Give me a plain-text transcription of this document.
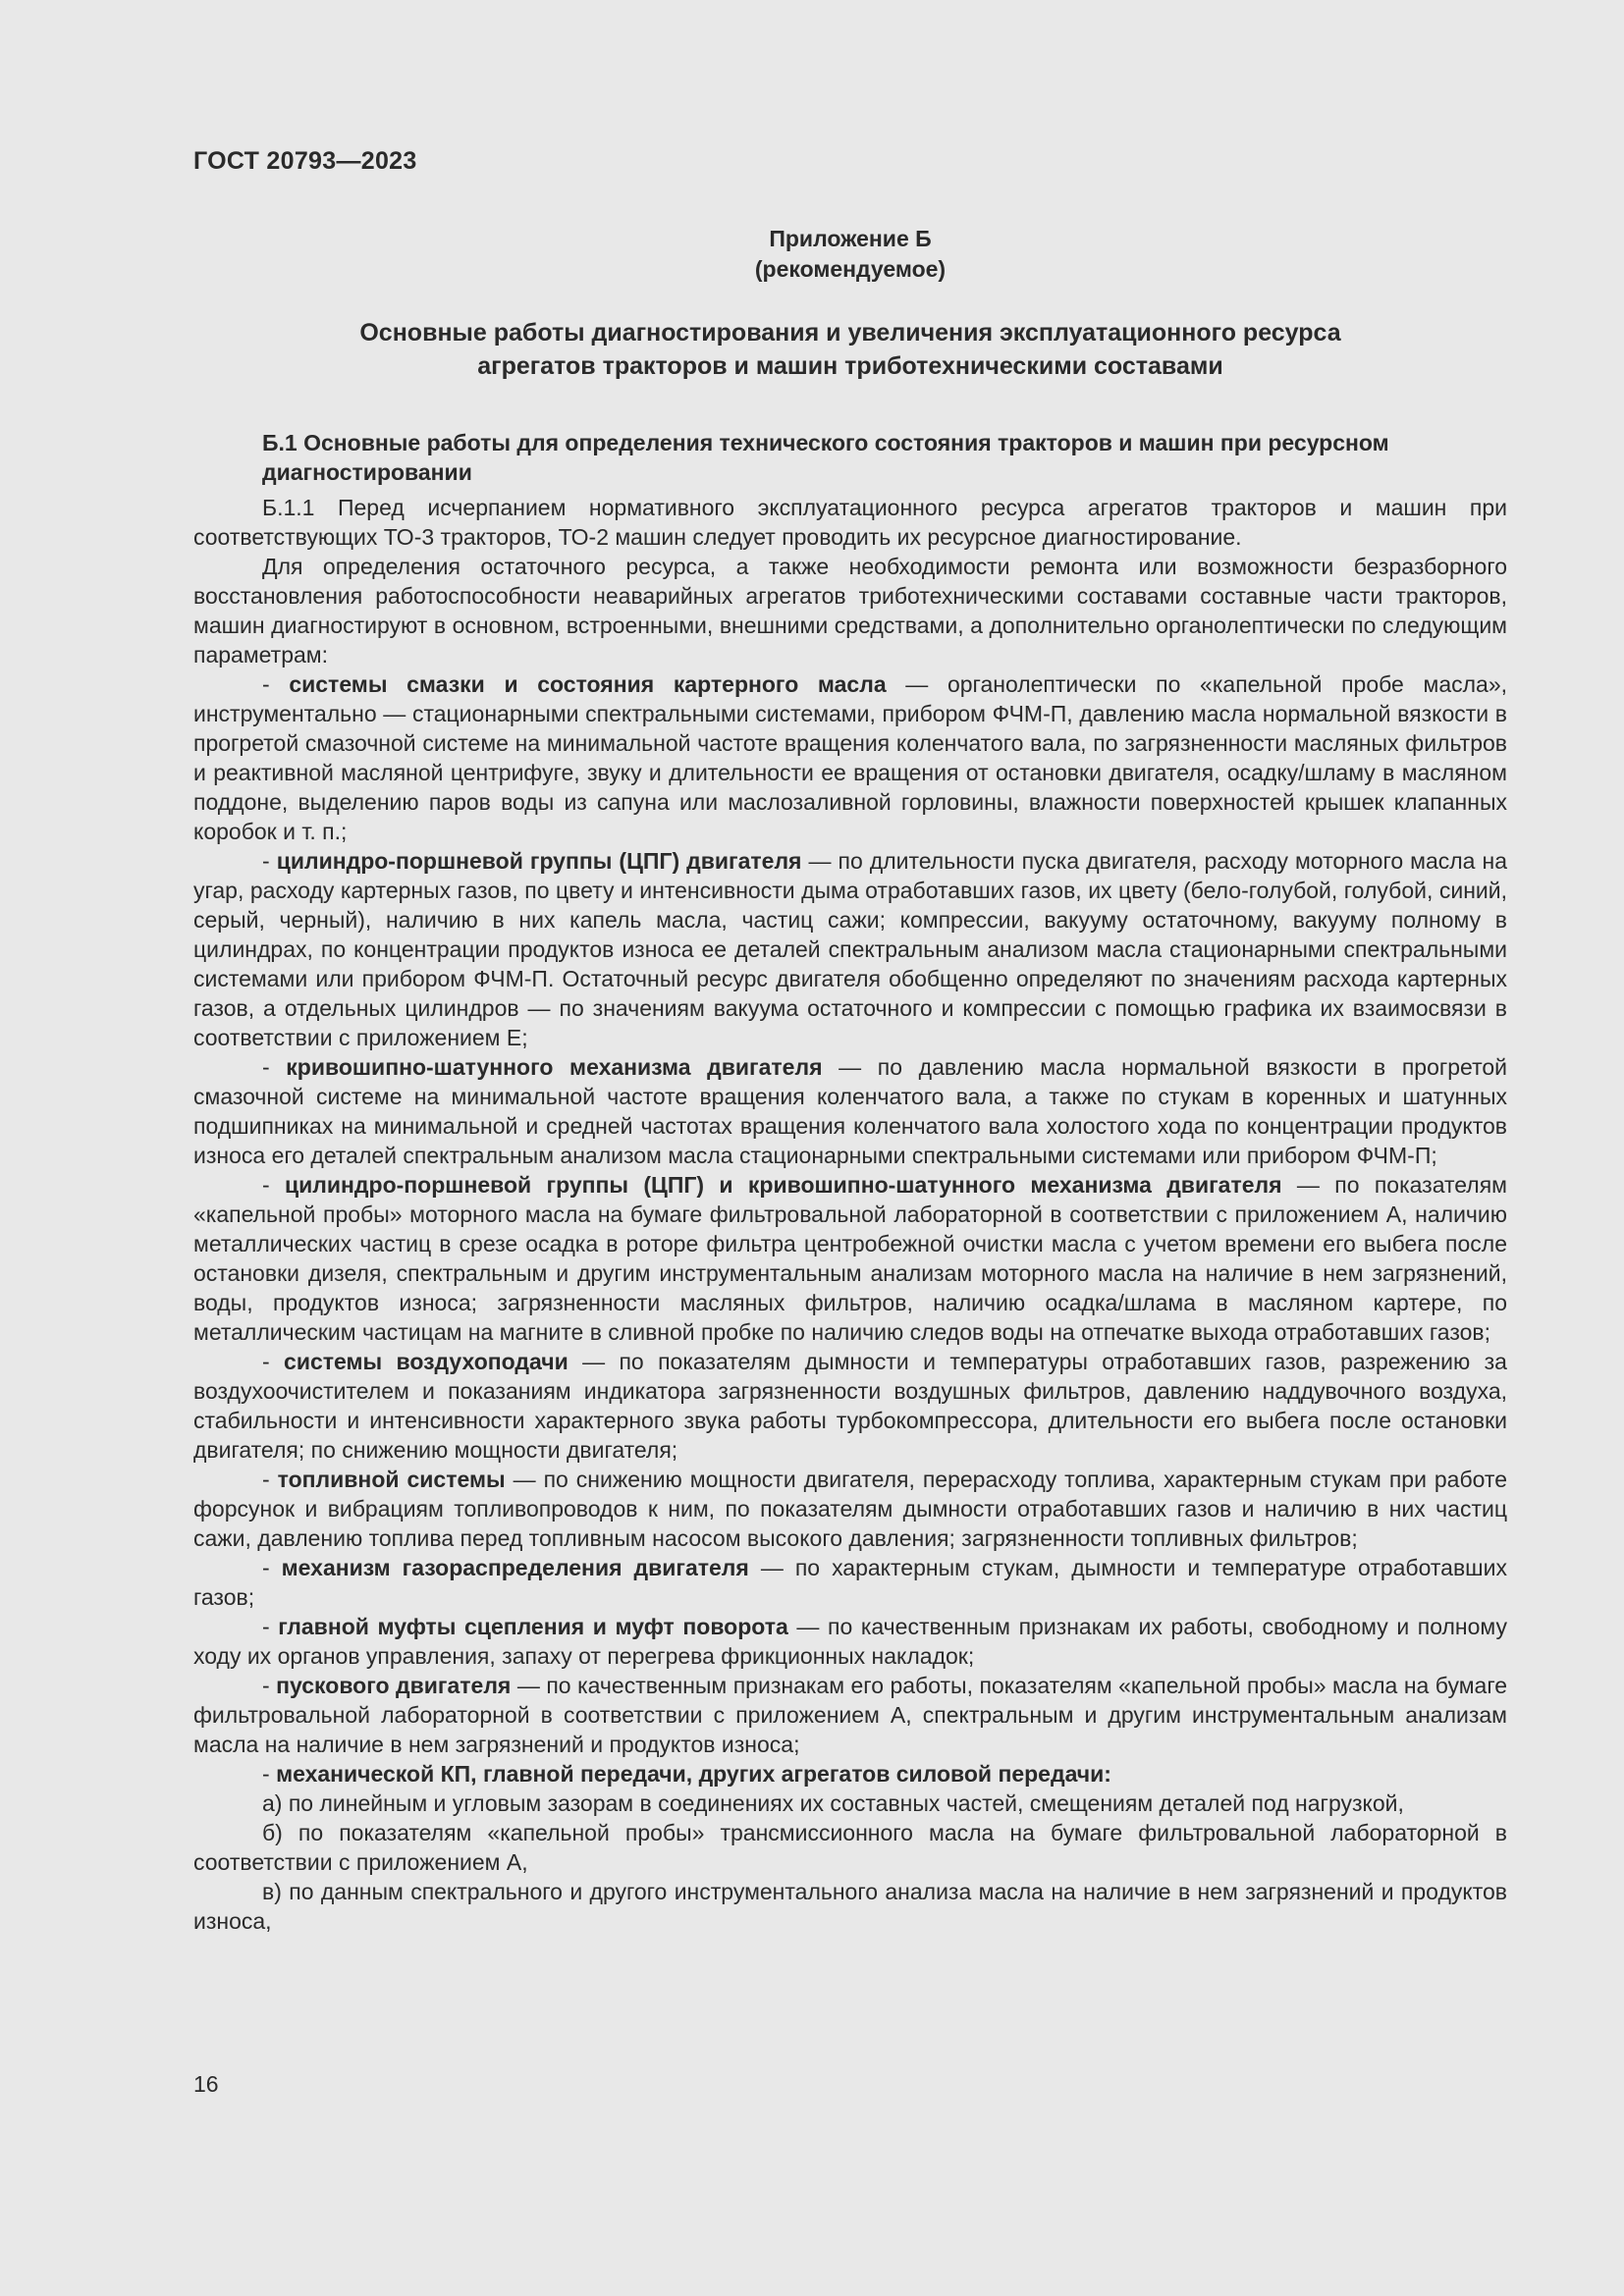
ГОСТ 20793—2023
Приложение Б
(рекомендуемое)
Основные работы диагностирования и увеличения эксплуатационного ресурса
агрегатов тракторов и машин триботехническими составами
Б.1 Основные работы для определения технического состояния тракторов и машин при ресурсном диагностировании

Б.1.1 Перед исчерпанием нормативного эксплуатационного ресурса агрегатов тракторов и машин при соответствующих ТО-3 тракторов, ТО-2 машин следует проводить их ресурсное диагностирование.

Для определения остаточного ресурса, а также необходимости ремонта или возможности безразборного восстановления работоспособности неаварийных агрегатов триботехническими составами составные части тракторов, машин диагностируют в основном, встроенными, внешними средствами, а дополнительно органолептически по следующим параметрам:

- системы смазки и состояния картерного масла — органолептически по «капельной пробе масла», инструментально — стационарными спектральными системами, прибором ФЧМ-П, давлению масла нормальной вязкости в прогретой смазочной системе на минимальной частоте вращения коленчатого вала, по загрязненности масляных фильтров и реактивной масляной центрифуге, звуку и длительности ее вращения от остановки двигателя, осадку/шламу в масляном поддоне, выделению паров воды из сапуна или маслозаливной горловины, влажности поверхностей крышек клапанных коробок и т. п.;

- цилиндро-поршневой группы (ЦПГ) двигателя — по длительности пуска двигателя, расходу моторного масла на угар, расходу картерных газов, по цвету и интенсивности дыма отработавших газов, их цвету (бело-голубой, голубой, синий, серый, черный), наличию в них капель масла, частиц сажи; компрессии, вакууму остаточному, вакууму полному в цилиндрах, по концентрации продуктов износа ее деталей спектральным анализом масла стационарными спектральными системами или прибором ФЧМ-П. Остаточный ресурс двигателя обобщенно определяют по значениям расхода картерных газов, а отдельных цилиндров — по значениям вакуума остаточного и компрессии с помощью графика их взаимосвязи в соответствии с приложением Е;

- кривошипно-шатунного механизма двигателя — по давлению масла нормальной вязкости в прогретой смазочной системе на минимальной частоте вращения коленчатого вала, а также по стукам в коренных и шатунных подшипниках на минимальной и средней частотах вращения коленчатого вала холостого хода по концентрации продуктов износа его деталей спектральным анализом масла стационарными спектральными системами или прибором ФЧМ-П;

- цилиндро-поршневой группы (ЦПГ) и кривошипно-шатунного механизма двигателя — по показателям «капельной пробы» моторного масла на бумаге фильтровальной лабораторной в соответствии с приложением А, наличию металлических частиц в срезе осадка в роторе фильтра центробежной очистки масла с учетом времени его выбега после остановки дизеля, спектральным и другим инструментальным анализам моторного масла на наличие в нем загрязнений, воды, продуктов износа; загрязненности масляных фильтров, наличию осадка/шлама в масляном картере, по металлическим частицам на магните в сливной пробке по наличию следов воды на отпечатке выхода отработавших газов;

- системы воздухоподачи — по показателям дымности и температуры отработавших газов, разрежению за воздухоочистителем и показаниям индикатора загрязненности воздушных фильтров, давлению наддувочного воздуха, стабильности и интенсивности характерного звука работы турбокомпрессора, длительности его выбега после остановки двигателя; по снижению мощности двигателя;

- топливной системы — по снижению мощности двигателя, перерасходу топлива, характерным стукам при работе форсунок и вибрациям топливопроводов к ним, по показателям дымности отработавших газов и наличию в них частиц сажи, давлению топлива перед топливным насосом высокого давления; загрязненности топливных фильтров;

- механизм газораспределения двигателя — по характерным стукам, дымности и температуре отработавших газов;

- главной муфты сцепления и муфт поворота — по качественным признакам их работы, свободному и полному ходу их органов управления, запаху от перегрева фрикционных накладок;

- пускового двигателя — по качественным признакам его работы, показателям «капельной пробы» масла на бумаге фильтровальной лабораторной в соответствии с приложением А, спектральным и другим инструментальным анализам масла на наличие в нем загрязнений и продуктов износа;

- механической КП, главной передачи, других агрегатов силовой передачи:

а) по линейным и угловым зазорам в соединениях их составных частей, смещениям деталей под нагрузкой,

б) по показателям «капельной пробы» трансмиссионного масла на бумаге фильтровальной лабораторной в соответствии с приложением А,

в) по данным спектрального и другого инструментального анализа масла на наличие в нем загрязнений и продуктов износа,

16
